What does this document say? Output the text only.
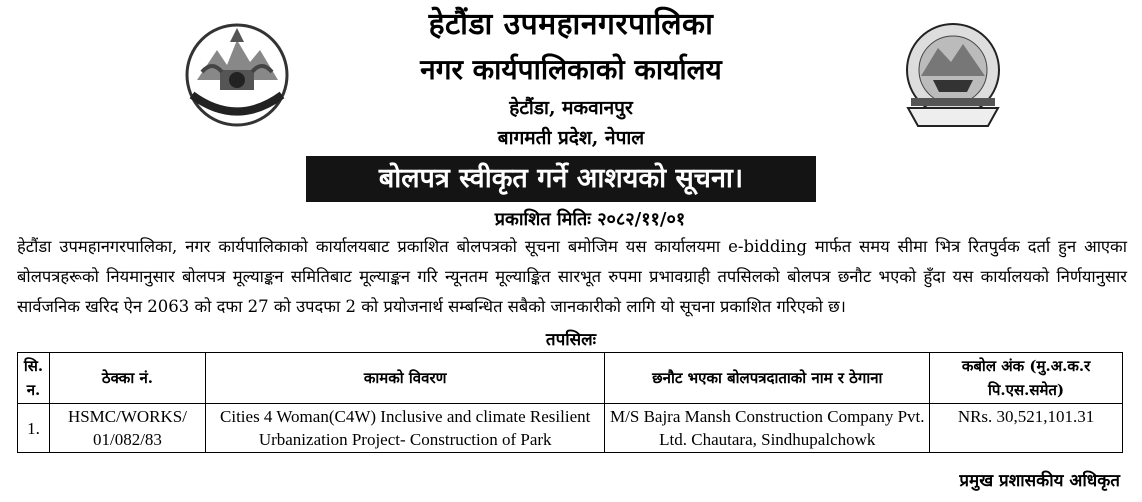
हेटौंडा उपमहानगरपालिका
नगर कार्यपालिकाको कार्यालय
हेटौंडा, मकवानपुर
बागमती प्रदेश, नेपाल
बोलपत्र स्वीकृत गर्ने आशयको सूचना।
प्रकाशित मितिः २०८२/११/०१
हेटौंडा उपमहानगरपालिका, नगर कार्यपालिकाको कार्यालयबाट प्रकाशित बोलपत्रको सूचना बमोजिम यस कार्यालयमा e-bidding मार्फत समय सीमा भित्र रितपुर्वक दर्ता हुन आएका बोलपत्रहरूको नियमानुसार बोलपत्र मूल्याङ्कन समितिबाट मूल्याङ्कन गरि न्यूनतम मूल्याङ्कित सारभूत रुपमा प्रभावग्राही तपसिलको बोलपत्र छनौट भएको हुँदा यस कार्यालयको निर्णयानुसार सार्वजनिक खरिद ऐन 2063 को दफा 27 को उपदफा 2 को प्रयोजनार्थ सम्बन्धित सबैको जानकारीको लागि यो सूचना प्रकाशित गरिएको छ।
तपसिलः
सि. न.	ठेक्का नं.	कामको विवरण	छनौट भएका बोलपत्रदाताको नाम र ठेगाना	कबोल अंक (मु.अ.क.र पि.एस.समेत)
1.	HSMC/WORKS/ 01/082/83	Cities 4 Woman(C4W) Inclusive and climate Resilient Urbanization Project- Construction of Park	M/S Bajra Mansh Construction Company Pvt. Ltd. Chautara, Sindhupalchowk	NRs. 30,521,101.31
प्रमुख प्रशासकीय अधिकृत
